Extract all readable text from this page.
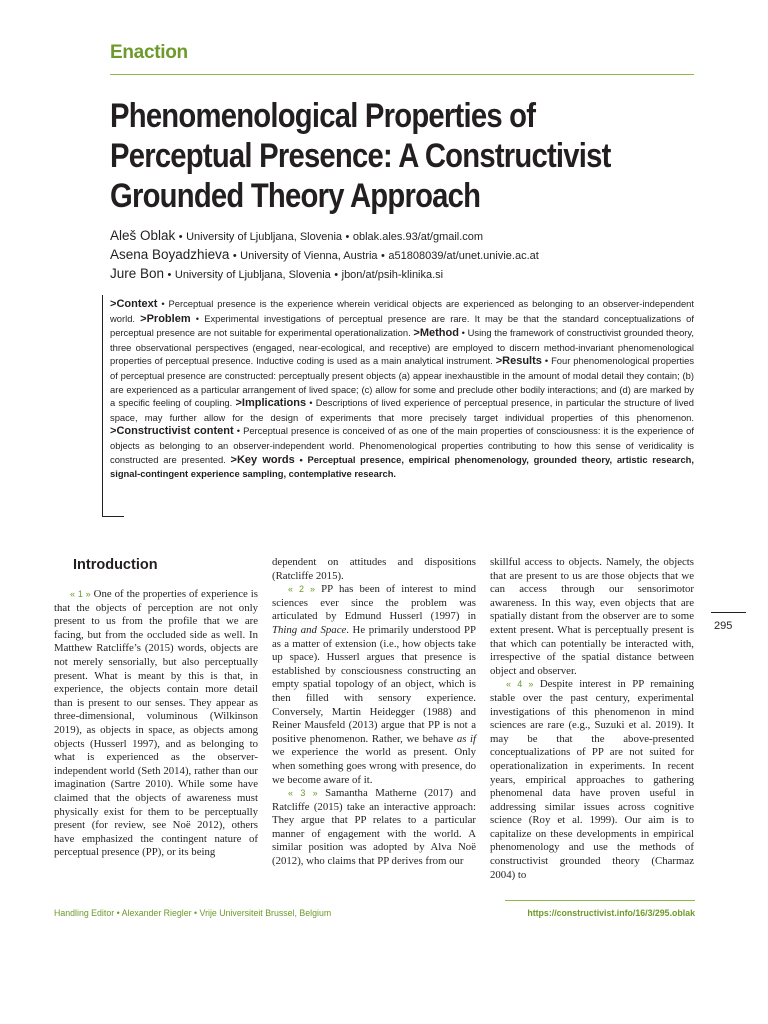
Enaction
Phenomenological Properties of Perceptual Presence: A Constructivist Grounded Theory Approach
Aleš Oblak • University of Ljubljana, Slovenia • oblak.ales.93/at/gmail.com
Asena Boyadzhieva • University of Vienna, Austria • a51808039/at/unet.univie.ac.at
Jure Bon • University of Ljubljana, Slovenia • jbon/at/psih-klinika.si
>Context • Perceptual presence is the experience wherein veridical objects are experienced as belonging to an observer-independent world. >Problem • Experimental investigations of perceptual presence are rare. It may be that the standard conceptualizations of perceptual presence are not suitable for experimental operationalization. >Method • Using the framework of constructivist grounded theory, three observational perspectives (engaged, near-ecological, and receptive) are employed to discern method-invariant phenomenological properties of perceptual presence. Inductive coding is used as a main analytical instrument. >Results • Four phenomenological properties of perceptual presence are constructed: perceptually present objects (a) appear inexhaustible in the amount of modal detail they contain; (b) are experienced as a particular arrangement of lived space; (c) allow for some and preclude other bodily interactions; and (d) are marked by a specific feeling of coupling. >Implications • Descriptions of lived experience of perceptual presence, in particular the structure of lived space, may further allow for the design of experiments that more precisely target individual properties of this phenomenon. >Constructivist content • Perceptual presence is conceived of as one of the main properties of consciousness: it is the experience of objects as belonging to an observer-independent world. Phenomenological properties contributing to how this sense of veridicality is constructed are presented. >Key words • Perceptual presence, empirical phenomenology, grounded theory, artistic research, signal-contingent experience sampling, contemplative research.
Introduction
« 1 » One of the properties of experience is that the objects of perception are not only present to us from the profile that we are facing, but from the occluded side as well. In Matthew Ratcliffe’s (2015) words, objects are not merely sensorially, but also perceptually present. What is meant by this is that, in experience, the objects contain more detail than is present to our senses. They appear as three-dimensional, voluminous (Wilkinson 2019), as objects in space, as objects among objects (Husserl 1997), and as belonging to what is experienced as the observer-independent world (Seth 2014), rather than our imagination (Sartre 2010). While some have claimed that the objects of awareness must physically exist for them to be perceptually present (for review, see Noë 2012), others have emphasized the contingent nature of perceptual presence (PP), or its being
dependent on attitudes and dispositions (Ratcliffe 2015).
« 2 » PP has been of interest to mind sciences ever since the problem was articulated by Edmund Husserl (1997) in Thing and Space. He primarily understood PP as a matter of extension (i.e., how objects take up space). Husserl argues that presence is established by consciousness constructing an empty spatial topology of an object, which is then filled with sensory experience. Conversely, Martin Heidegger (1988) and Reiner Mausfeld (2013) argue that PP is not a positive phenomenon. Rather, we behave as if we experience the world as present. Only when something goes wrong with presence, do we become aware of it.
« 3 » Samantha Matherne (2017) and Ratcliffe (2015) take an interactive approach: They argue that PP relates to a particular manner of engagement with the world. A similar position was adopted by Alva Noë (2012), who claims that PP derives from our
skillful access to objects. Namely, the objects that are present to us are those objects that we can access through our sensorimotor awareness. In this way, even objects that are spatially distant from the observer are to some extent present. What is perceptually present is that which can potentially be interacted with, irrespective of the spatial distance between object and observer.
« 4 » Despite interest in PP remaining stable over the past century, experimental investigations of this phenomenon in mind sciences are rare (e.g., Suzuki et al. 2019). It may be that the above-presented conceptualizations of PP are not suited for operationalization in experiments. In recent years, empirical approaches to gathering phenomenal data have proven useful in addressing similar issues across cognitive science (Roy et al. 1999). Our aim is to capitalize on these developments in empirical phenomenology and use the methods of constructivist grounded theory (Charmaz 2004) to
295
Handling Editor • Alexander Riegler • Vrije Universiteit Brussel, Belgium	https://constructivist.info/16/3/295.oblak
